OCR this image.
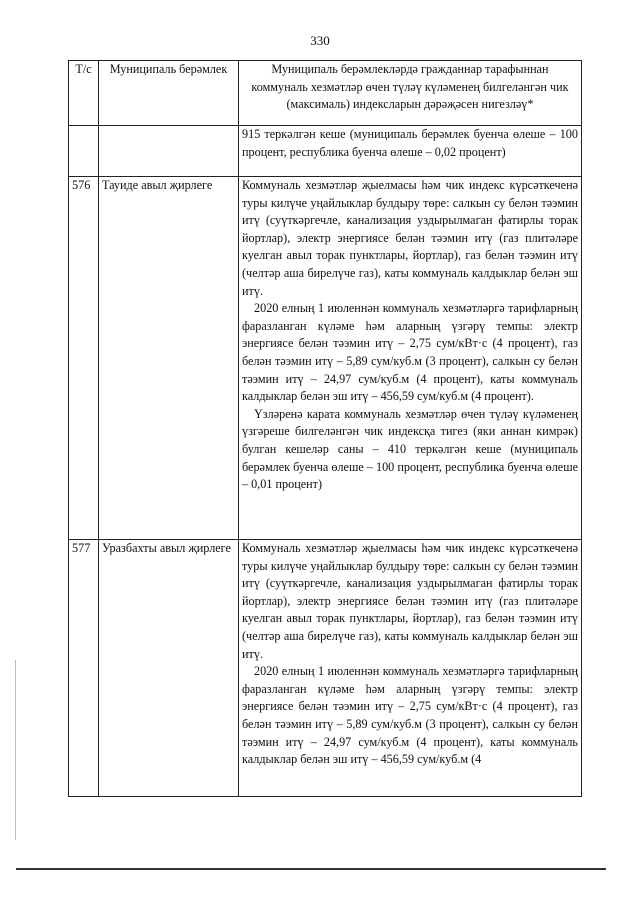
330
Т/с	Муниципаль берәмлек	Муниципаль берәмлекләрдә гражданнар тарафыннан коммуналь хезмәтләр өчен түләү күләменең билгеләнгән чик (максималь) индексларын дәрәҗәсен нигезләү*

		915 теркәлгән кеше (муниципаль берәмлек буенча өлеше – 100 процент, республика буенча өлеше – 0,02 процент)

576	Тауиде авыл җирлеге	Коммуналь хезмәтләр җыелмасы һәм чик индекс күрсәткеченә туры килүче уңайлыклар булдыру төре: салкын су белән тәэмин итү (суүткәргечле, канализация уздырылмаган фатирлы торак йортлар), электр энергиясе белән тәэмин итү (газ плитәләре куелган авыл торак пунктлары, йортлар), газ белән тәэмин итү (челтәр аша бирелүче газ), каты коммуналь калдыклар белән эш итү.

2020 елның 1 июленнән коммуналь хезмәтләргә тарифларның фаразланган күләме һәм аларның үзгәрү темпы: электр энергиясе белән тәэмин итү – 2,75 сум/кВт·с (4 процент), газ белән тәэмин итү – 5,89 сум/куб.м (3 процент), салкын су белән тәэмин итү – 24,97 сум/куб.м (4 процент), каты коммуналь калдыклар белән эш итү – 456,59 сум/куб.м (4 процент).

Үзләренә карата коммуналь хезмәтләр өчен түләү күләменең үзгәреше билгеләнгән чик индексқа тигез (яки аннан кимрәк) булган кешеләр саны – 410 теркәлгән кеше (муниципаль берәмлек буенча өлеше – 100 процент, республика буенча өлеше – 0,01 процент)

577	Уразбахты авыл җирлеге	Коммуналь хезмәтләр җыелмасы һәм чик индекс күрсәткеченә туры килүче уңайлыклар булдыру төре: салкын су белән тәэмин итү (суүткәргечле, канализация уздырылмаган фатирлы торак йортлар), электр энергиясе белән тәэмин итү (газ плитәләре куелган авыл торак пунктлары, йортлар), газ белән тәэмин итү (челтәр аша бирелүче газ), каты коммуналь калдыклар белән эш итү.

2020 елның 1 июленнән коммуналь хезмәтләргә тарифларның фаразланган күләме һәм аларның үзгәрү темпы: электр энергиясе белән тәэмин итү – 2,75 сум/кВт·с (4 процент), газ белән тәэмин итү – 5,89 сум/куб.м (3 процент), салкын су белән тәэмин итү – 24,97 сум/куб.м (4 процент), каты коммуналь калдыклар белән эш итү – 456,59 сум/куб.м (4
